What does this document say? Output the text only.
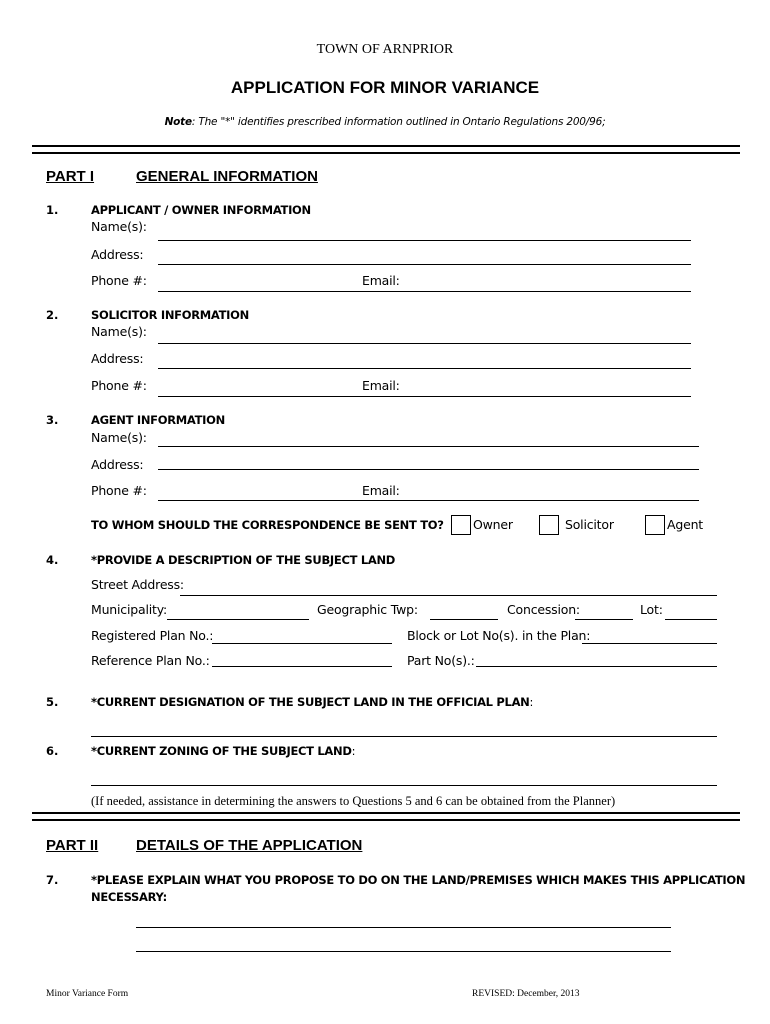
TOWN OF ARNPRIOR
APPLICATION FOR MINOR VARIANCE
Note: The "*" identifies prescribed information outlined in Ontario Regulations 200/96;
PART I	GENERAL INFORMATION
1.	APPLICANT / OWNER INFORMATION
Name(s):
Address:
Phone #:	Email:
2.	SOLICITOR INFORMATION
Name(s):
Address:
Phone #:	Email:
3.	AGENT INFORMATION
Name(s):
Address:
Phone #:	Email:
TO WHOM SHOULD THE CORRESPONDENCE BE SENT TO? Owner	Solicitor	Agent
4.	*PROVIDE A DESCRIPTION OF THE SUBJECT LAND
Street Address:
Municipality:	Geographic Twp:	Concession:	Lot:
Registered Plan No.:	Block or Lot No(s). in the Plan:
Reference Plan No.:	Part No(s).:
5.	*CURRENT DESIGNATION OF THE SUBJECT LAND IN THE OFFICIAL PLAN:
6.	*CURRENT ZONING OF THE SUBJECT LAND:
(If needed, assistance in determining the answers to Questions 5 and 6 can be obtained from the Planner)
PART II	DETAILS OF THE APPLICATION
7.	*PLEASE EXPLAIN WHAT YOU PROPOSE TO DO ON THE LAND/PREMISES WHICH MAKES THIS APPLICATION
NECESSARY:
Minor Variance Form	REVISED: December, 2013
